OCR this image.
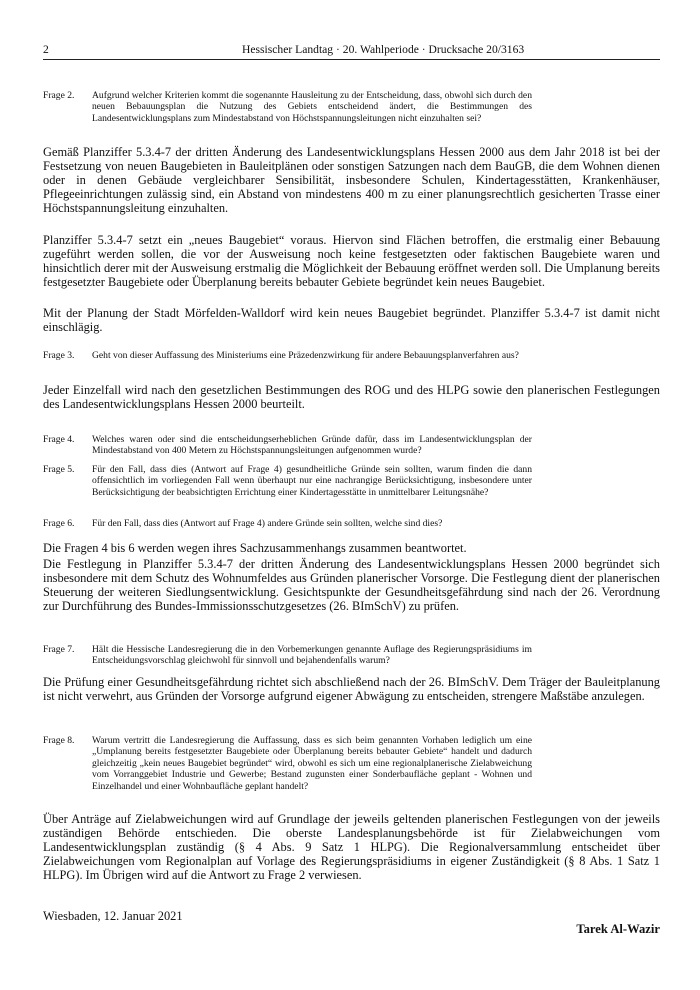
2	Hessischer Landtag · 20. Wahlperiode · Drucksache 20/3163
Frage 2. Aufgrund welcher Kriterien kommt die sogenannte Hausleitung zu der Entscheidung, dass, obwohl sich durch den neuen Bebauungsplan die Nutzung des Gebiets entscheidend ändert, die Bestimmungen des Landesentwicklungsplans zum Mindestabstand von Höchstspannungsleitungen nicht einzuhalten sei?
Gemäß Planziffer 5.3.4-7 der dritten Änderung des Landesentwicklungsplans Hessen 2000 aus dem Jahr 2018 ist bei der Festsetzung von neuen Baugebieten in Bauleitplänen oder sonstigen Satzungen nach dem BauGB, die dem Wohnen dienen oder in denen Gebäude vergleichbarer Sensibilität, insbesondere Schulen, Kindertagesstätten, Krankenhäuser, Pflegeeinrichtungen zulässig sind, ein Abstand von mindestens 400 m zu einer planungsrechtlich gesicherten Trasse einer Höchstspannungsleitung einzuhalten.
Planziffer 5.3.4-7 setzt ein „neues Baugebiet“ voraus. Hiervon sind Flächen betroffen, die erstmalig einer Bebauung zugeführt werden sollen, die vor der Ausweisung noch keine festgesetzten oder faktischen Baugebiete waren und hinsichtlich derer mit der Ausweisung erstmalig die Möglichkeit der Bebauung eröffnet werden soll. Die Umplanung bereits festgesetzter Baugebiete oder Überplanung bereits bebauter Gebiete begründet kein neues Baugebiet.
Mit der Planung der Stadt Mörfelden-Walldorf wird kein neues Baugebiet begründet. Planziffer 5.3.4-7 ist damit nicht einschlägig.
Frage 3. Geht von dieser Auffassung des Ministeriums eine Präzedenzwirkung für andere Bebauungsplanverfahren aus?
Jeder Einzelfall wird nach den gesetzlichen Bestimmungen des ROG und des HLPG sowie den planerischen Festlegungen des Landesentwicklungsplans Hessen 2000 beurteilt.
Frage 4. Welches waren oder sind die entscheidungserheblichen Gründe dafür, dass im Landesentwicklungsplan der Mindestabstand von 400 Metern zu Höchstspannungsleitungen aufgenommen wurde?
Frage 5. Für den Fall, dass dies (Antwort auf Frage 4) gesundheitliche Gründe sein sollten, warum finden die dann offensichtlich im vorliegenden Fall wenn überhaupt nur eine nachrangige Berücksichtigung, insbesondere unter Berücksichtigung der beabsichtigten Errichtung einer Kindertagesstätte in unmittelbarer Leitungsnähe?
Frage 6. Für den Fall, dass dies (Antwort auf Frage 4) andere Gründe sein sollten, welche sind dies?
Die Fragen 4 bis 6 werden wegen ihres Sachzusammenhangs zusammen beantwortet.
Die Festlegung in Planziffer 5.3.4-7 der dritten Änderung des Landesentwicklungsplans Hessen 2000 begründet sich insbesondere mit dem Schutz des Wohnumfeldes aus Gründen planerischer Vorsorge. Die Festlegung dient der planerischen Steuerung der weiteren Siedlungsentwicklung. Gesichtspunkte der Gesundheitsgefährdung sind nach der 26. Verordnung zur Durchführung des Bundes-Immissionsschutzgesetzes (26. BImSchV) zu prüfen.
Frage 7. Hält die Hessische Landesregierung die in den Vorbemerkungen genannte Auflage des Regierungspräsidiums im Entscheidungsvorschlag gleichwohl für sinnvoll und bejahendenfalls warum?
Die Prüfung einer Gesundheitsgefährdung richtet sich abschließend nach der 26. BImSchV. Dem Träger der Bauleitplanung ist nicht verwehrt, aus Gründen der Vorsorge aufgrund eigener Abwägung zu entscheiden, strengere Maßstäbe anzulegen.
Frage 8. Warum vertritt die Landesregierung die Auffassung, dass es sich beim genannten Vorhaben lediglich um eine „Umplanung bereits festgesetzter Baugebiete oder Überplanung bereits bebauter Gebiete“ handelt und dadurch gleichzeitig „kein neues Baugebiet begründet“ wird, obwohl es sich um eine regionalplanerische Zielabweichung vom Vorranggebiet Industrie und Gewerbe; Bestand zugunsten einer Sonderbaufläche geplant - Wohnen und Einzelhandel und einer Wohnbaufläche geplant handelt?
Über Anträge auf Zielabweichungen wird auf Grundlage der jeweils geltenden planerischen Festlegungen von der jeweils zuständigen Behörde entschieden. Die oberste Landesplanungsbehörde ist für Zielabweichungen vom Landesentwicklungsplan zuständig (§ 4 Abs. 9 Satz 1 HLPG). Die Regionalversammlung entscheidet über Zielabweichungen vom Regionalplan auf Vorlage des Regierungspräsidiums in eigener Zuständigkeit (§ 8 Abs. 1 Satz 1 HLPG). Im Übrigen wird auf die Antwort zu Frage 2 verwiesen.
Wiesbaden, 12. Januar 2021
Tarek Al-Wazir
